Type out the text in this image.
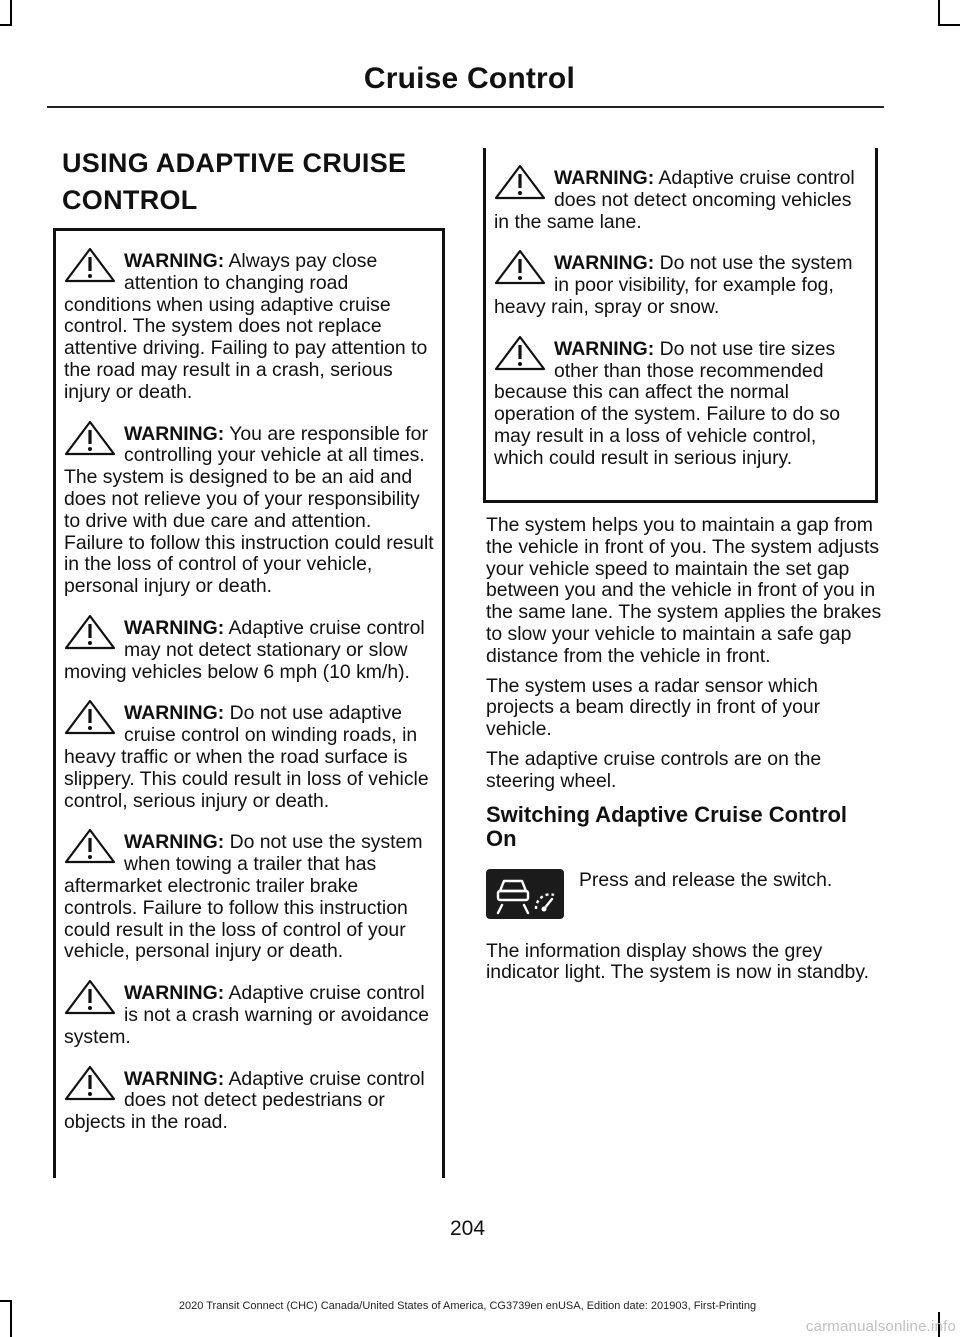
Cruise Control
USING ADAPTIVE CRUISE CONTROL

WARNING: Always pay close attention to changing road conditions when using adaptive cruise control. The system does not replace attentive driving. Failing to pay attention to the road may result in a crash, serious injury or death.

WARNING: You are responsible for controlling your vehicle at all times. The system is designed to be an aid and does not relieve you of your responsibility to drive with due care and attention. Failure to follow this instruction could result in the loss of control of your vehicle, personal injury or death.

WARNING: Adaptive cruise control may not detect stationary or slow moving vehicles below 6 mph (10 km/h).

WARNING: Do not use adaptive cruise control on winding roads, in heavy traffic or when the road surface is slippery. This could result in loss of vehicle control, serious injury or death.

WARNING: Do not use the system when towing a trailer that has aftermarket electronic trailer brake controls. Failure to follow this instruction could result in the loss of control of your vehicle, personal injury or death.

WARNING: Adaptive cruise control is not a crash warning or avoidance system.

WARNING: Adaptive cruise control does not detect pedestrians or objects in the road.

WARNING: Adaptive cruise control does not detect oncoming vehicles in the same lane.

WARNING: Do not use the system in poor visibility, for example fog, heavy rain, spray or snow.

WARNING: Do not use tire sizes other than those recommended because this can affect the normal operation of the system. Failure to do so may result in a loss of vehicle control, which could result in serious injury.

The system helps you to maintain a gap from the vehicle in front of you. The system adjusts your vehicle speed to maintain the set gap between you and the vehicle in front of you in the same lane. The system applies the brakes to slow your vehicle to maintain a safe gap distance from the vehicle in front.

The system uses a radar sensor which projects a beam directly in front of your vehicle.

The adaptive cruise controls are on the steering wheel.

Switching Adaptive Cruise Control On
Press and release the switch.

The information display shows the grey indicator light. The system is now in standby.

204
2020 Transit Connect (CHC) Canada/United States of America, CG3739en enUSA, Edition date: 201903, First-Printing
carmanualsonline.info
